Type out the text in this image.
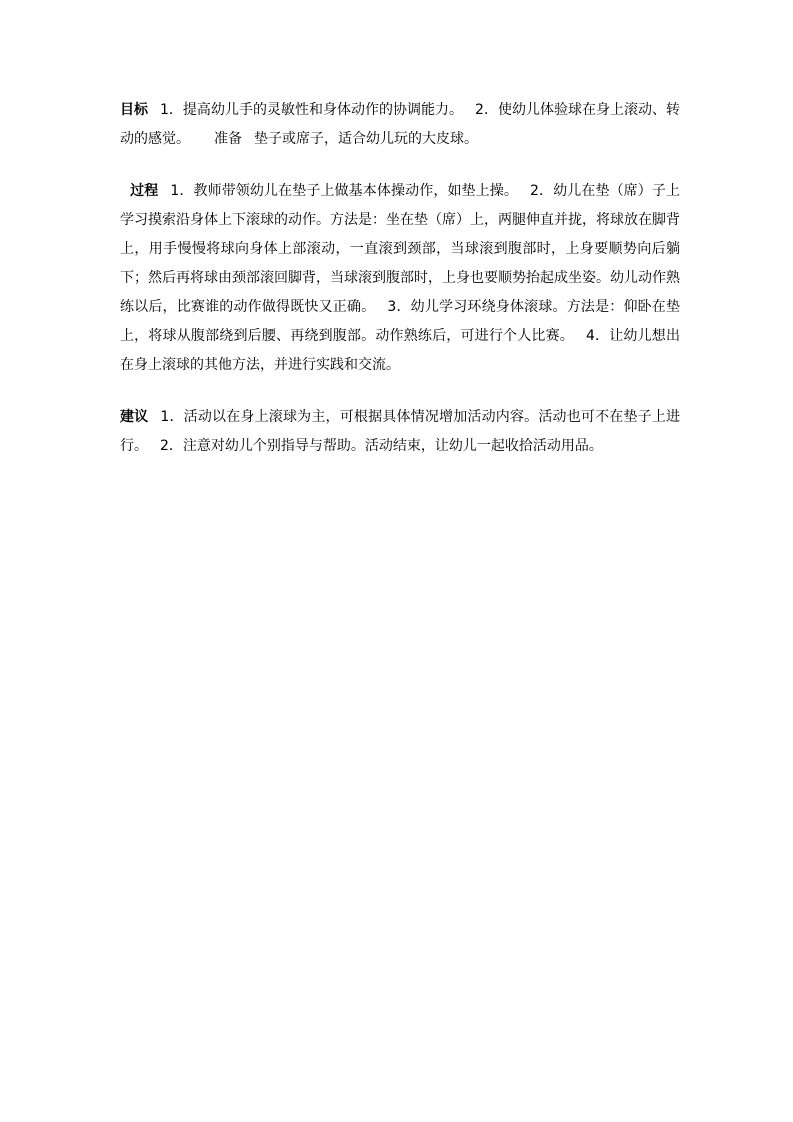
目标 1．提高幼儿手的灵敏性和身体动作的协调能力。 2．使幼儿体验球在身上滚动、转动的感觉。 准备 垫子或席子，适合幼儿玩的大皮球。

过程 1．教师带领幼儿在垫子上做基本体操动作，如垫上操。 2．幼儿在垫（席）子上学习摸索沿身体上下滚球的动作。方法是：坐在垫（席）上，两腿伸直并拢，将球放在脚背上，用手慢慢将球向身体上部滚动，一直滚到颈部，当球滚到腹部时，上身要顺势向后躺下；然后再将球由颈部滚回脚背，当球滚到腹部时，上身也要顺势抬起成坐姿。幼儿动作熟练以后，比赛谁的动作做得既快又正确。 3．幼儿学习环绕身体滚球。方法是：仰卧在垫上，将球从腹部绕到后腰、再绕到腹部。动作熟练后，可进行个人比赛。 4．让幼儿想出在身上滚球的其他方法，并进行实践和交流。

建议 1．活动以在身上滚球为主，可根据具体情况增加活动内容。活动也可不在垫子上进行。 2．注意对幼儿个别指导与帮助。活动结束，让幼儿一起收拾活动用品。
